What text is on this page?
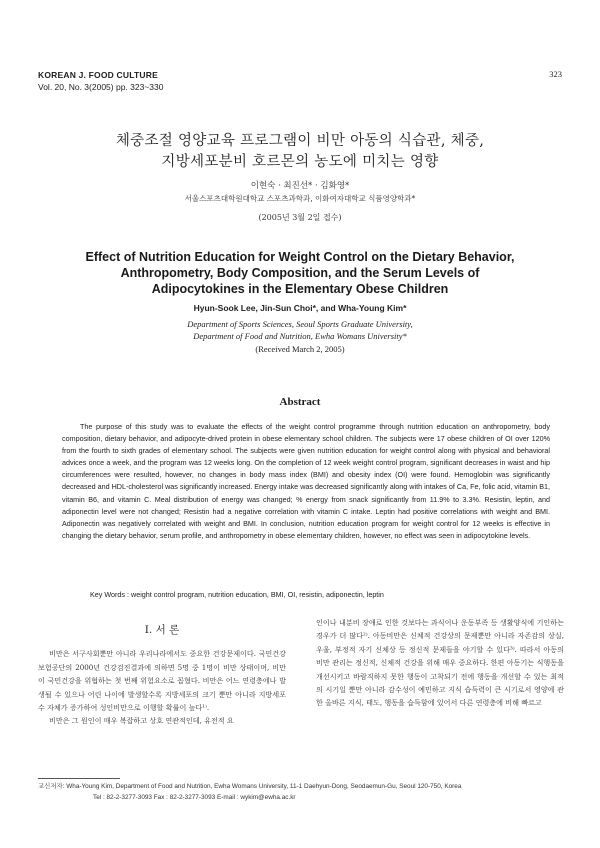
KOREAN J. FOOD CULTURE
Vol. 20, No. 3(2005) pp. 323~330
323
체중조절 영양교육 프로그램이 비만 아동의 식습관, 체중,
지방세포분비 호르몬의 농도에 미치는 영향
이현숙 · 최진선* · 김화영*
서울스포츠대학원대학교 스포츠과학과, 이화여자대학교 식품영양학과*
(2005년 3월 2일 접수)
Effect of Nutrition Education for Weight Control on the Dietary Behavior,
Anthropometry, Body Composition, and the Serum Levels of
Adipocytokines in the Elementary Obese Children
Hyun-Sook Lee, Jin-Sun Choi*, and Wha-Young Kim*
Department of Sports Sciences, Seoul Sports Graduate University,
Department of Food and Nutrition, Ewha Womans University*
(Received March 2, 2005)
Abstract

The purpose of this study was to evaluate the effects of the weight control programme through nutrition education on anthropometry, body composition, dietary behavior, and adipocyte-drived protein in obese elementary school children. The subjects were 17 obese children of OI over 120% from the fourth to sixth grades of elementary school. The subjects were given nutrition education for weight control along with physical and behavioral advices once a week, and the program was 12 weeks long. On the completion of 12 week weight control program, significant decreases in waist and hip circumferences were resulted, however, no changes in body mass index (BMI) and obesity index (OI) were found. Hemoglobin was significantly decreased and HDL-cholesterol was significantly increased. Energy intake was decreased significantly along with intakes of Ca, Fe, folic acid, vitamin B1, vitamin B6, and vitamin C. Meal distribution of energy was changed; % energy from snack significantly from 11.9% to 3.3%. Resistin, leptin, and adiponectin level were not changed; Resistin had a negative correlation with vitamin C intake. Leptin had positive correlations with weight and BMI. Adiponectin was negatively correlated with weight and BMI. In conclusion, nutrition education program for weight control for 12 weeks is effective in changing the dietary behavior, serum profile, and anthropometry in obese elementary children, however, no effect was seen in adipocytokine levels.

Key Words : weight control program, nutrition education, BMI, OI, resistin, adiponectin, leptin
I. 서 론

비만은 서구사회뿐만 아니라 우리나라에서도 중요한 건강문제이다. 국민건강보험공단의 2000년 건강검진결과에 의하면 5명 중 1명이 비만 상태이며, 비만이 국민건강을 위협하는 첫 번째 위험요소로 꼽혔다. 비만은 어느 연령층에나 발생될 수 있으나 어린 나이에 발생할수록 지방세포의 크기 뿐만 아니라 지방세포수 자체가 증가하여 성인비만으로 이행할 확률이 높다¹⁾.

비만은 그 원인이 매우 복잡하고 상호 연관적인데, 유전적 요

인이나 내분비 장애로 인한 것보다는 과식이나 운동부족 등 생활양식에 기인하는 경우가 더 많다²⁾. 아동비만은 신체적 건강상의 문제뿐만 아니라 자존감의 상실, 우울, 부정적 자기 신체상 등 정신적 문제들을 야기할 수 있다³⁾. 따라서 아동의 비만 관리는 정신적, 신체적 건강을 위해 매우 중요하다. 한편 아동기는 식행동을 개선시키고 바람직하지 못한 행동이 고착되기 전에 행동을 개선할 수 있는 최적의 시기일 뿐만 아니라 감수성이 예민하고 지식 습득력이 큰 시기로서 영양에 관한 올바른 지식, 태도, 행동을 습득함에 있어서 다른 연령층에 비해 빠르고

교신저자: Wha-Young Kim, Department of Food and Nutrition, Ewha Womans University, 11-1 Daehyun-Dong, Seodaemun-Gu, Seoul 120-750, Korea
Tel : 82-2-3277-3093 Fax : 82-2-3277-3093 E-mail : wykim@ewha.ac.kr
